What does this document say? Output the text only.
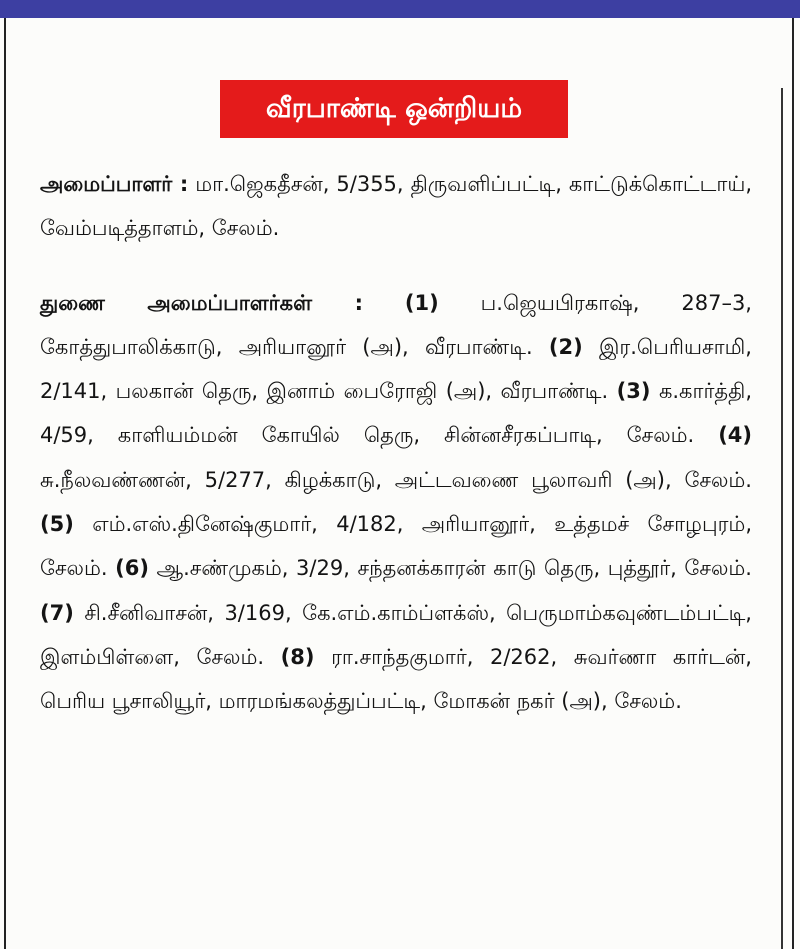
வீரபாண்டி ஒன்றியம்

அமைப்பாளர் : மா.ஜெகதீசன், 5/355, திருவளிப்பட்டி, காட்டுக்கொட்டாய், வேம்படித்தாளம், சேலம்.

துணை அமைப்பாளர்கள் : (1) ப.ஜெயபிரகாஷ், 287–3, கோத்துபாலிக்காடு, அரியானூர் (அ), வீரபாண்டி. (2) இர.பெரியசாமி, 2/141, பலகான் தெரு, இனாம் பைரோஜி (அ), வீரபாண்டி. (3) க.கார்த்தி, 4/59, காளியம்மன் கோயில் தெரு, சின்னசீரகப்பாடி, சேலம். (4) சு.நீலவண்ணன், 5/277, கிழக்காடு, அட்டவணை பூலாவரி (அ), சேலம். (5) எம்.எஸ்.தினேஷ்குமார், 4/182, அரியானூர், உத்தமச் சோழபுரம், சேலம். (6) ஆ.சண்முகம், 3/29, சந்தனக்காரன் காடு தெரு, புத்தூர், சேலம். (7) சி.சீனிவாசன், 3/169, கே.எம்.காம்ப்ளக்ஸ், பெருமாம்கவுண்டம்பட்டி, இளம்பிள்ளை, சேலம். (8) ரா.சாந்தகுமார், 2/262, சுவர்ணா கார்டன், பெரிய பூசாலியூர், மாரமங்கலத்துப்பட்டி, மோகன் நகர் (அ), சேலம்.
